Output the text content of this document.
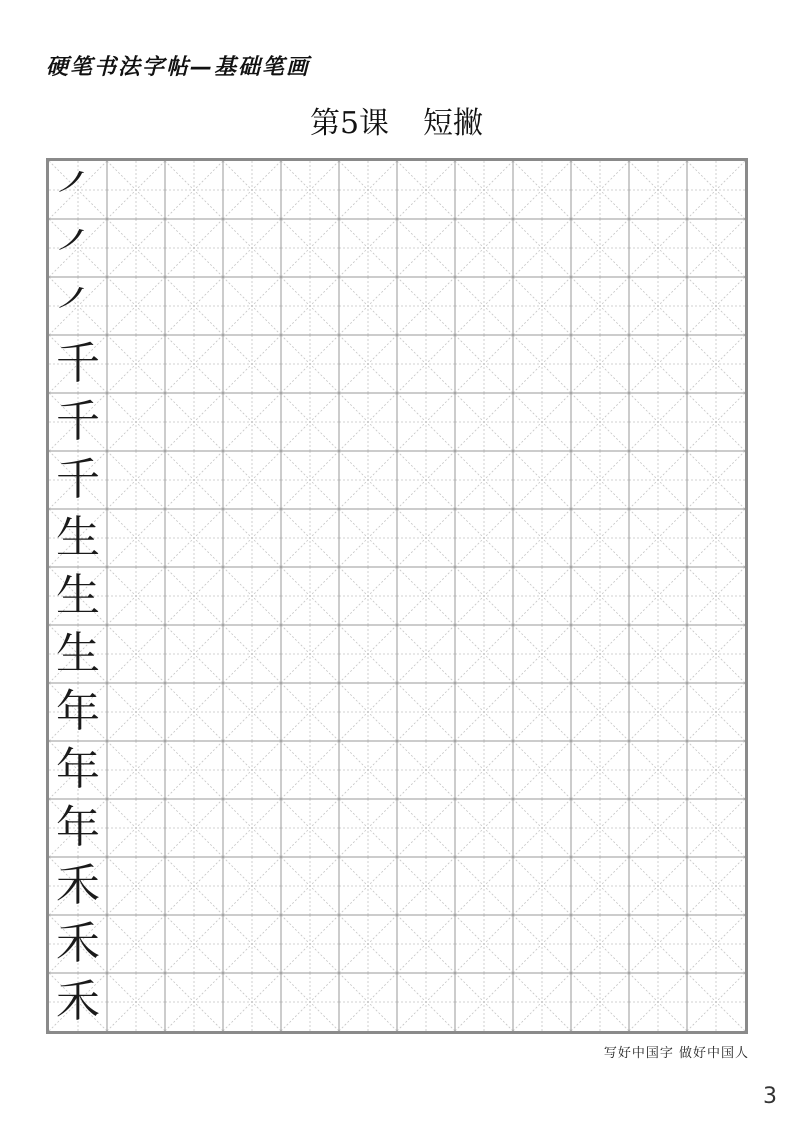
硬笔书法字帖—基础笔画
第5课 短撇
㇒
㇒
㇒
千
千
千
生
生
生
年
年
年
禾
禾
禾
写好中国字 做好中国人
3
